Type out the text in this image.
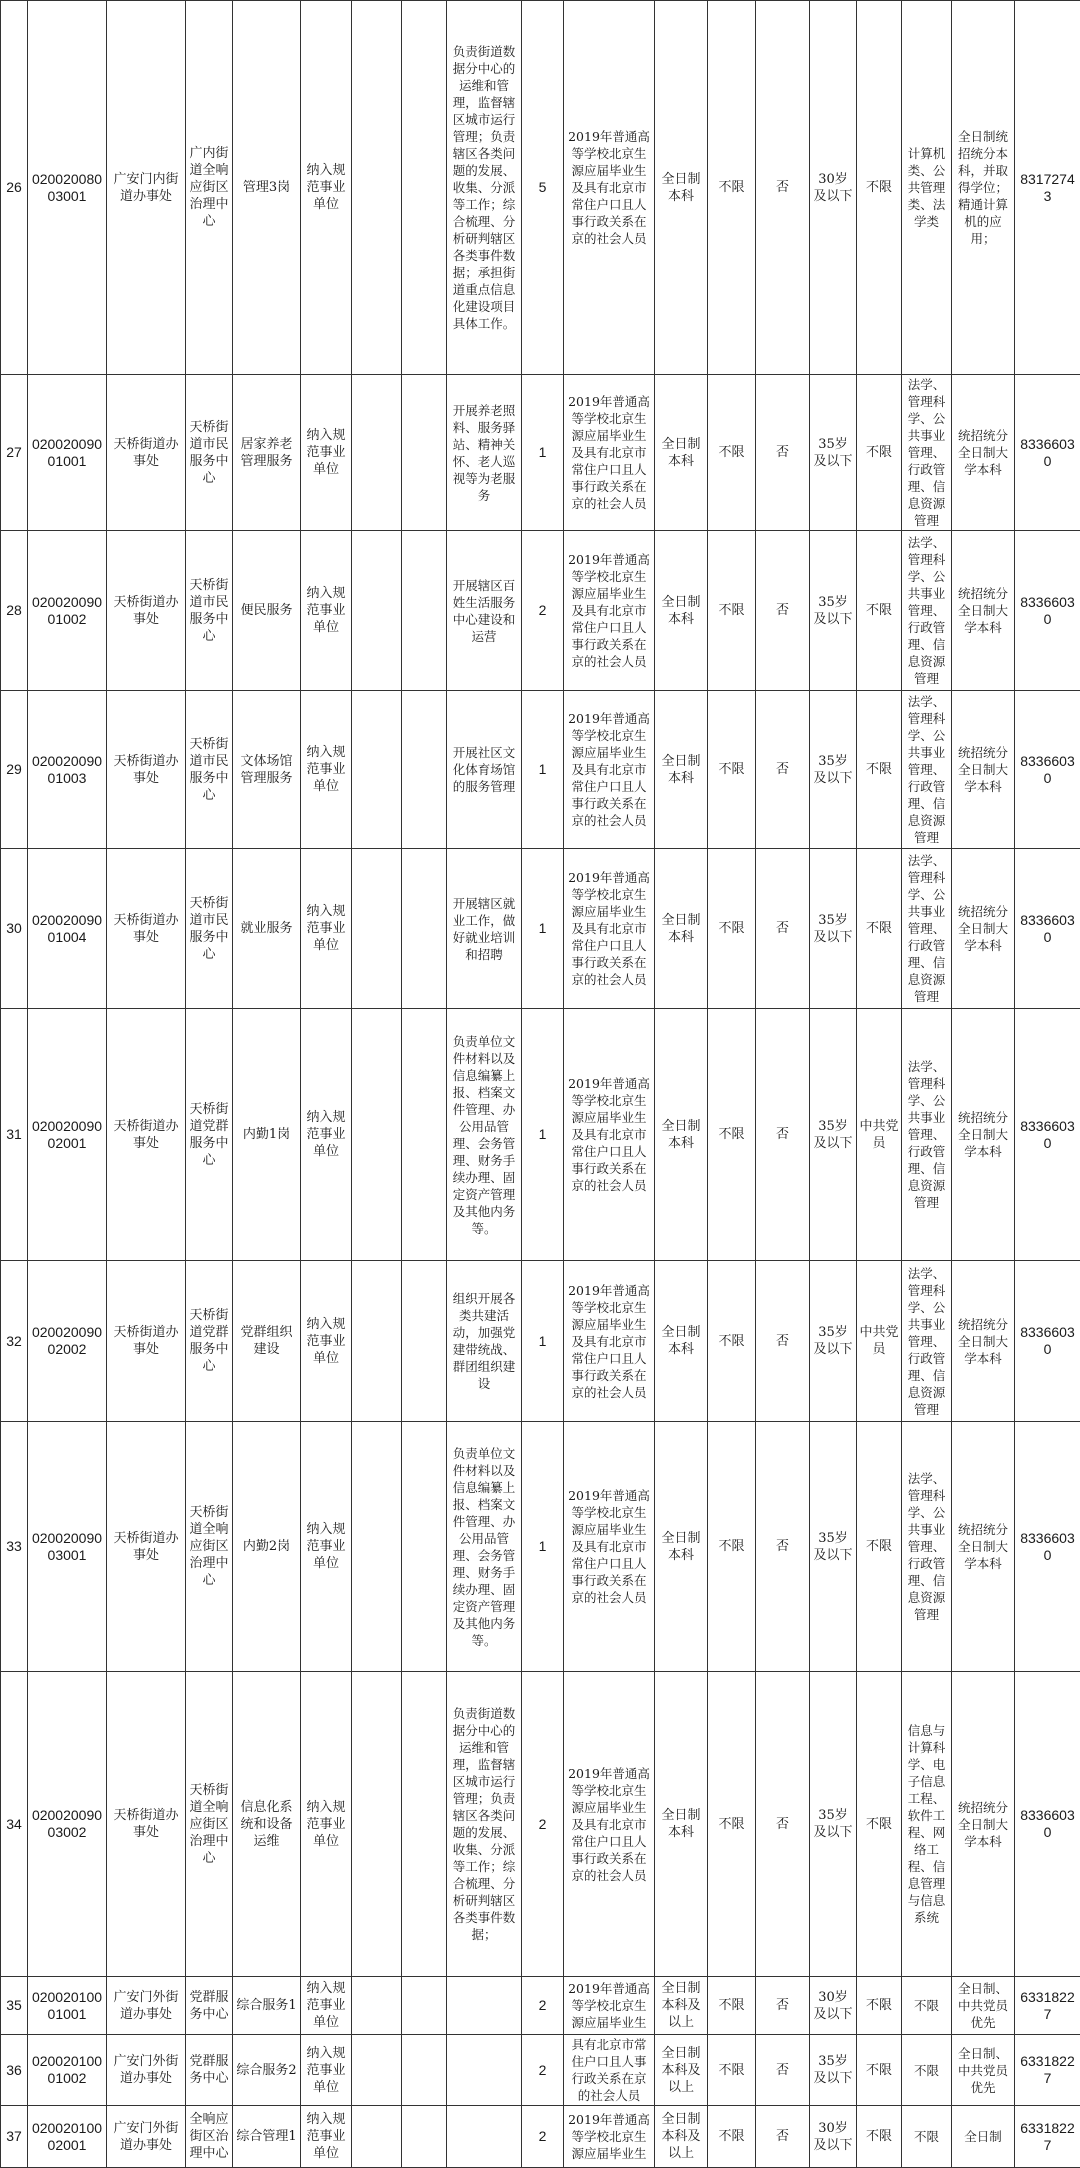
26	02002008003001	广安门内街道办事处	广内街道全响应街区治理中心	管理3岗	纳入规范事业单位			负责街道数据分中心的运维和管理，监督辖区城市运行管理；负责辖区各类问题的发展、收集、分派等工作；综合梳理、分析研判辖区各类事件数据；承担街道重点信息化建设项目具体工作。	5	2019年普通高等学校北京生源应届毕业生及具有北京市常住户口且人事行政关系在京的社会人员	全日制本科	不限	否	30岁及以下	不限	计算机类、公共管理类、法学类	全日制统招统分本科，并取得学位；精通计算机的应用；	83172743
27	02002009001001	天桥街道办事处	天桥街道市民服务中心	居家养老管理服务	纳入规范事业单位			开展养老照料、服务驿站、精神关怀、老人巡视等为老服务	1	2019年普通高等学校北京生源应届毕业生及具有北京市常住户口且人事行政关系在京的社会人员	全日制本科	不限	否	35岁及以下	不限	法学、管理科学、公共事业管理、行政管理、信息资源管理	统招统分全日制大学本科	83366030
28	02002009001002	天桥街道办事处	天桥街道市民服务中心	便民服务	纳入规范事业单位			开展辖区百姓生活服务中心建设和运营	2	2019年普通高等学校北京生源应届毕业生及具有北京市常住户口且人事行政关系在京的社会人员	全日制本科	不限	否	35岁及以下	不限	法学、管理科学、公共事业管理、行政管理、信息资源管理	统招统分全日制大学本科	83366030
29	02002009001003	天桥街道办事处	天桥街道市民服务中心	文体场馆管理服务	纳入规范事业单位			开展社区文化体育场馆的服务管理	1	2019年普通高等学校北京生源应届毕业生及具有北京市常住户口且人事行政关系在京的社会人员	全日制本科	不限	否	35岁及以下	不限	法学、管理科学、公共事业管理、行政管理、信息资源管理	统招统分全日制大学本科	83366030
30	02002009001004	天桥街道办事处	天桥街道市民服务中心	就业服务	纳入规范事业单位			开展辖区就业工作，做好就业培训和招聘	1	2019年普通高等学校北京生源应届毕业生及具有北京市常住户口且人事行政关系在京的社会人员	全日制本科	不限	否	35岁及以下	不限	法学、管理科学、公共事业管理、行政管理、信息资源管理	统招统分全日制大学本科	83366030
31	02002009002001	天桥街道办事处	天桥街道党群服务中心	内勤1岗	纳入规范事业单位			负责单位文件材料以及信息编纂上报、档案文件管理、办公用品管理、会务管理、财务手续办理、固定资产管理及其他内务等。	1	2019年普通高等学校北京生源应届毕业生及具有北京市常住户口且人事行政关系在京的社会人员	全日制本科	不限	否	35岁及以下	中共党员	法学、管理科学、公共事业管理、行政管理、信息资源管理	统招统分全日制大学本科	83366030
32	02002009002002	天桥街道办事处	天桥街道党群服务中心	党群组织建设	纳入规范事业单位			组织开展各类共建活动，加强党建带统战、群团组织建设	1	2019年普通高等学校北京生源应届毕业生及具有北京市常住户口且人事行政关系在京的社会人员	全日制本科	不限	否	35岁及以下	中共党员	法学、管理科学、公共事业管理、行政管理、信息资源管理	统招统分全日制大学本科	83366030
33	02002009003001	天桥街道办事处	天桥街道全响应街区治理中心	内勤2岗	纳入规范事业单位			负责单位文件材料以及信息编纂上报、档案文件管理、办公用品管理、会务管理、财务手续办理、固定资产管理及其他内务等。	1	2019年普通高等学校北京生源应届毕业生及具有北京市常住户口且人事行政关系在京的社会人员	全日制本科	不限	否	35岁及以下	不限	法学、管理科学、公共事业管理、行政管理、信息资源管理	统招统分全日制大学本科	83366030
34	02002009003002	天桥街道办事处	天桥街道全响应街区治理中心	信息化系统和设备运维	纳入规范事业单位			负责街道数据分中心的运维和管理，监督辖区城市运行管理；负责辖区各类问题的发展、收集、分派等工作；综合梳理、分析研判辖区各类事件数据；	2	2019年普通高等学校北京生源应届毕业生及具有北京市常住户口且人事行政关系在京的社会人员	全日制本科	不限	否	35岁及以下	不限	信息与计算科学、电子信息工程、软件工程、网络工程、信息管理与信息系统	统招统分全日制大学本科	83366030
35	02002010001001	广安门外街道办事处	党群服务中心	综合服务1	纳入规范事业单位				2	2019年普通高等学校北京生源应届毕业生	全日制本科及以上	不限	否	30岁及以下	不限	不限	全日制、中共党员优先	63318227
36	02002010001002	广安门外街道办事处	党群服务中心	综合服务2	纳入规范事业单位				2	具有北京市常住户口且人事行政关系在京的社会人员	全日制本科及以上	不限	否	35岁及以下	不限	不限	全日制、中共党员优先	63318227
37	02002010002001	广安门外街道办事处	全响应街区治理中心	综合管理1	纳入规范事业单位				2	2019年普通高等学校北京生源应届毕业生	全日制本科及以上	不限	否	30岁及以下	不限	不限	全日制	63318227
